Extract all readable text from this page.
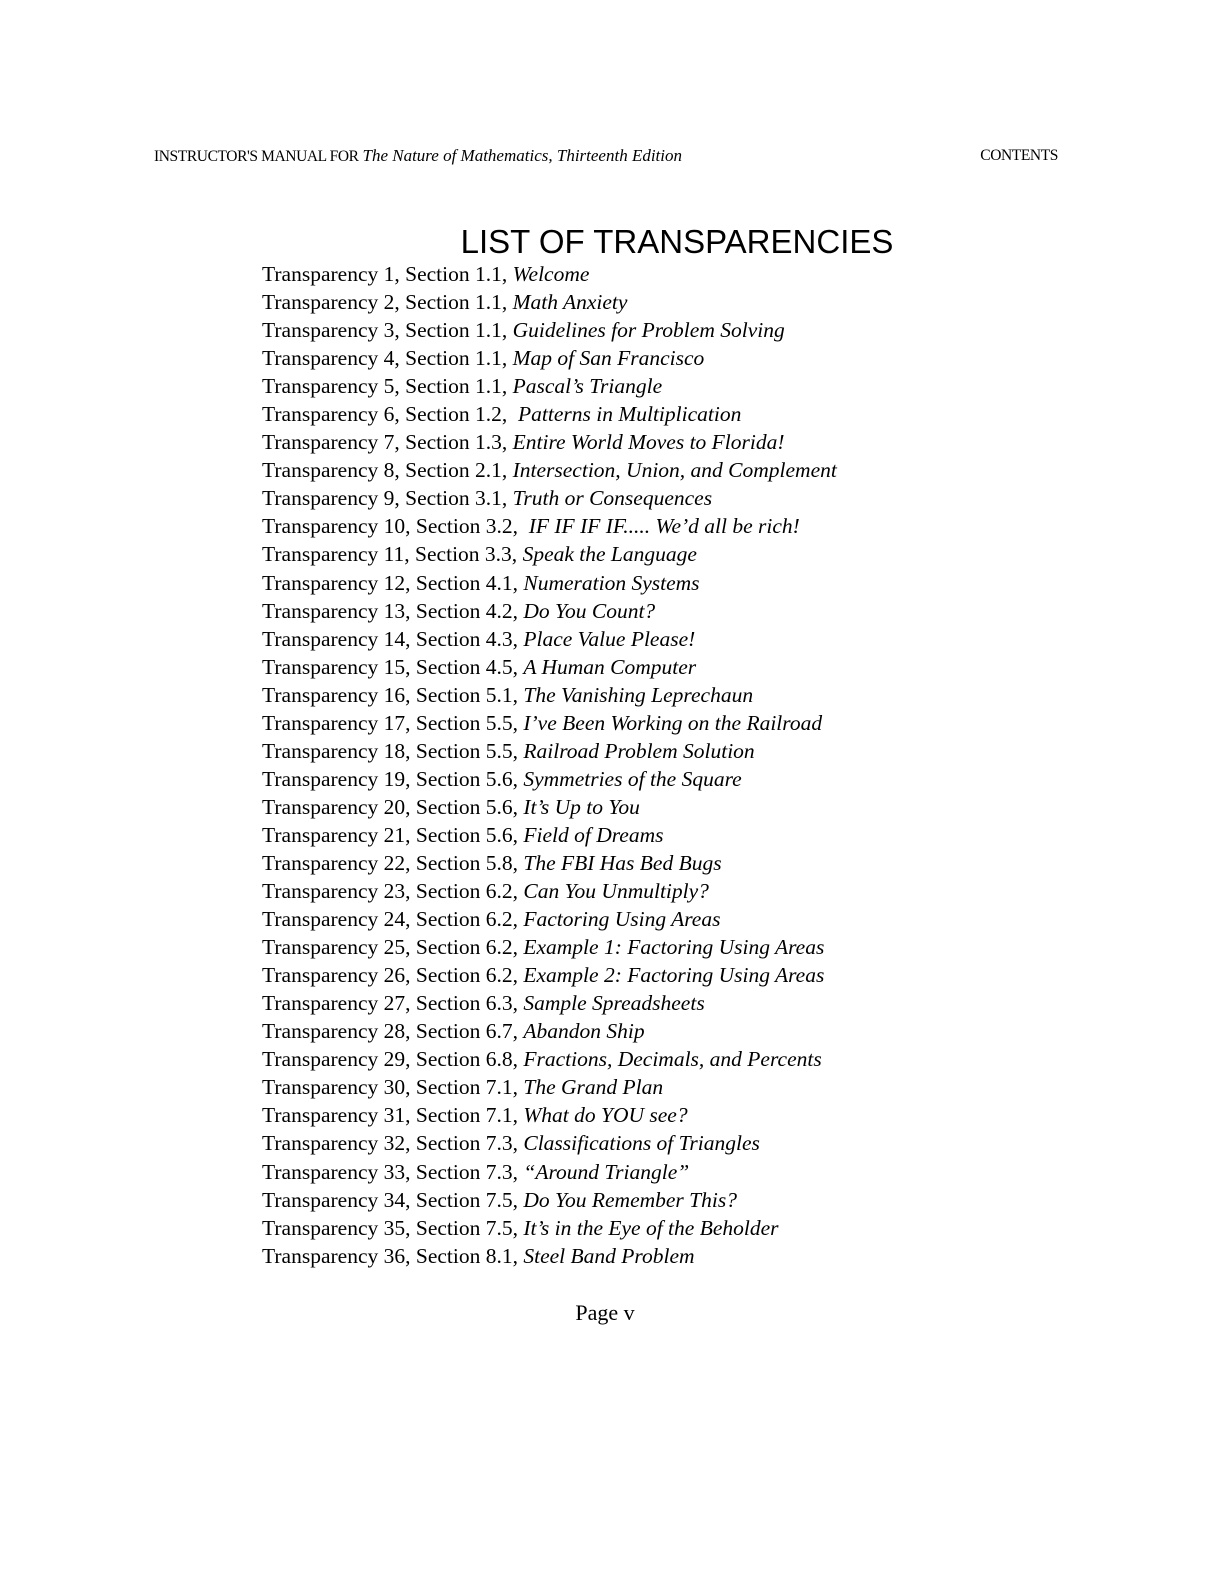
INSTRUCTOR'S MANUAL FOR The Nature of Mathematics, Thirteenth Edition	CONTENTS
LIST OF TRANSPARENCIES
Transparency 1, Section 1.1, Welcome
Transparency 2, Section 1.1, Math Anxiety
Transparency 3, Section 1.1, Guidelines for Problem Solving
Transparency 4, Section 1.1, Map of San Francisco
Transparency 5, Section 1.1, Pascal’s Triangle
Transparency 6, Section 1.2,  Patterns in Multiplication
Transparency 7, Section 1.3, Entire World Moves to Florida!
Transparency 8, Section 2.1, Intersection, Union, and Complement
Transparency 9, Section 3.1, Truth or Consequences
Transparency 10, Section 3.2,  IF IF IF IF..... We’d all be rich!
Transparency 11, Section 3.3, Speak the Language
Transparency 12, Section 4.1, Numeration Systems
Transparency 13, Section 4.2, Do You Count?
Transparency 14, Section 4.3, Place Value Please!
Transparency 15, Section 4.5, A Human Computer
Transparency 16, Section 5.1, The Vanishing Leprechaun
Transparency 17, Section 5.5, I’ve Been Working on the Railroad
Transparency 18, Section 5.5, Railroad Problem Solution
Transparency 19, Section 5.6, Symmetries of the Square
Transparency 20, Section 5.6, It’s Up to You
Transparency 21, Section 5.6, Field of Dreams
Transparency 22, Section 5.8, The FBI Has Bed Bugs
Transparency 23, Section 6.2, Can You Unmultiply?
Transparency 24, Section 6.2, Factoring Using Areas
Transparency 25, Section 6.2, Example 1: Factoring Using Areas
Transparency 26, Section 6.2, Example 2: Factoring Using Areas
Transparency 27, Section 6.3, Sample Spreadsheets
Transparency 28, Section 6.7, Abandon Ship
Transparency 29, Section 6.8, Fractions, Decimals, and Percents
Transparency 30, Section 7.1, The Grand Plan
Transparency 31, Section 7.1, What do YOU see?
Transparency 32, Section 7.3, Classifications of Triangles
Transparency 33, Section 7.3, “Around Triangle”
Transparency 34, Section 7.5, Do You Remember This?
Transparency 35, Section 7.5, It’s in the Eye of the Beholder
Transparency 36, Section 8.1, Steel Band Problem
Page v
